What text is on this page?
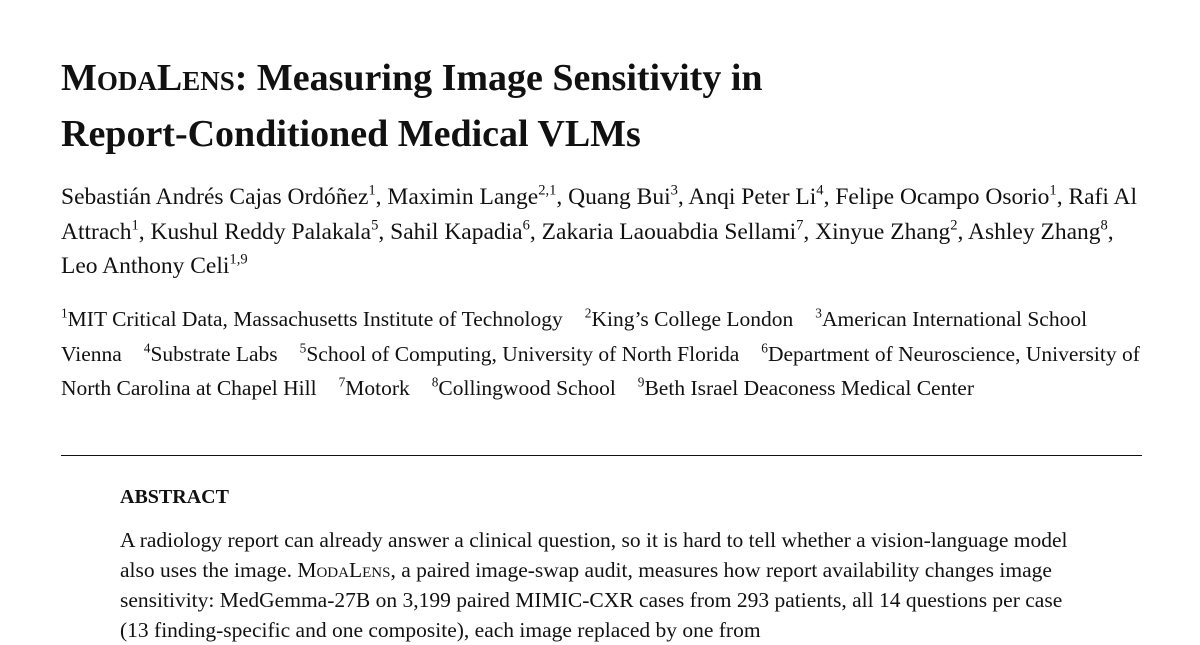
ModaLens: Measuring Image Sensitivity in
Report-Conditioned Medical VLMs
Sebastián Andrés Cajas Ordóñez$^1$, Maximin Lange$^{2,1}$, Quang Bui$^3$, Anqi Peter Li$^4$, Felipe Ocampo Osorio$^1$, Rafi Al Attrach$^1$, Kushul Reddy Palakala$^5$, Sahil Kapadia$^6$, Zakaria Laouabdia Sellami$^7$, Xinyue Zhang$^2$, Ashley Zhang$^8$, Leo Anthony Celi$^{1,9}$
$^1$MIT Critical Data, Massachusetts Institute of Technology $^2$King’s College London $^3$American International School Vienna $^4$Substrate Labs $^5$School of Computing, University of North Florida $^6$Department of Neuroscience, University of North Carolina at Chapel Hill $^7$Motork $^8$Collingwood School $^9$Beth Israel Deaconess Medical Center
ABSTRACT

A radiology report can already answer a clinical question, so it is hard to tell whether a vision-language model also uses the image. ModaLens, a paired image-swap audit, measures how report availability changes image sensitivity: MedGemma-27B on 3,199 paired MIMIC-CXR cases from 293 patients, all 14 questions per case (13 finding-specific and one composite), each image replaced by one from
